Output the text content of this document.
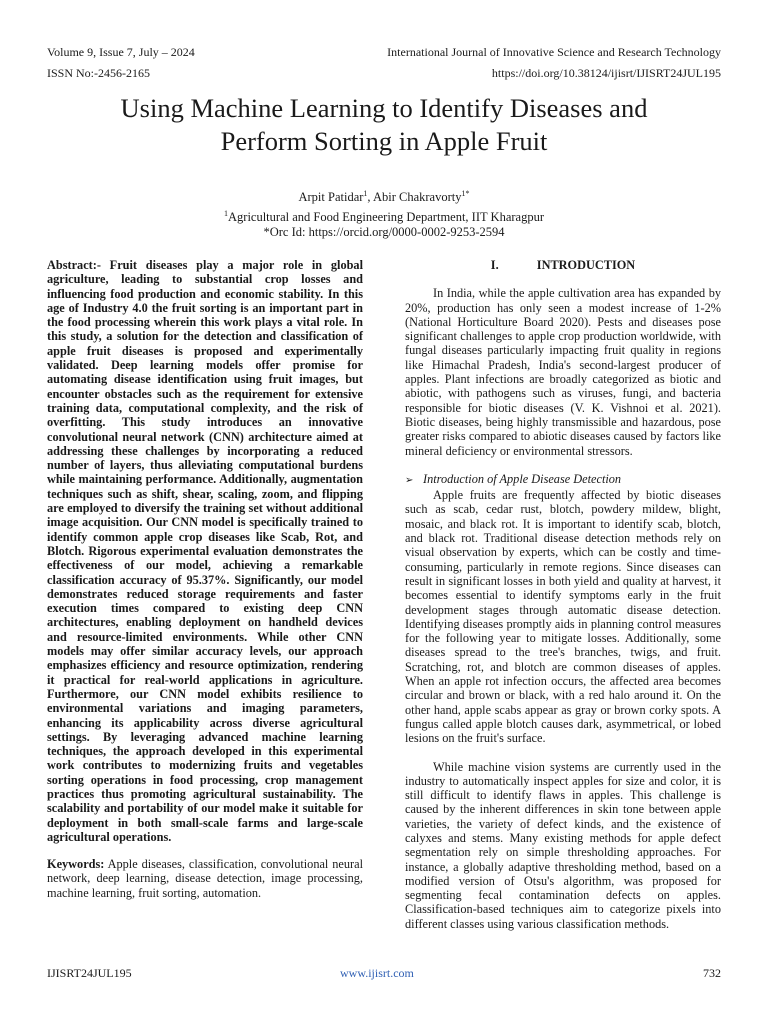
Volume 9, Issue 7, July – 2024	International Journal of Innovative Science and Research Technology
ISSN No:-2456-2165	https://doi.org/10.38124/ijisrt/IJISRT24JUL195
Using Machine Learning to Identify Diseases and
Perform Sorting in Apple Fruit
Arpit Patidar$^1$, Abir Chakravorty$^{1*}$
$^1$Agricultural and Food Engineering Department, IIT Kharagpur
*Orc Id: https://orcid.org/0000-0002-9253-2594

Abstract:- Fruit diseases play a major role in global agriculture, leading to substantial crop losses and influencing food production and economic stability. In this age of Industry 4.0 the fruit sorting is an important part in the food processing wherein this work plays a vital role. In this study, a solution for the detection and classification of apple fruit diseases is proposed and experimentally validated. Deep learning models offer promise for automating disease identification using fruit images, but encounter obstacles such as the requirement for extensive training data, computational complexity, and the risk of overfitting. This study introduces an innovative convolutional neural network (CNN) architecture aimed at addressing these challenges by incorporating a reduced number of layers, thus alleviating computational burdens while maintaining performance. Additionally, augmentation techniques such as shift, shear, scaling, zoom, and flipping are employed to diversify the training set without additional image acquisition. Our CNN model is specifically trained to identify common apple crop diseases like Scab, Rot, and Blotch. Rigorous experimental evaluation demonstrates the effectiveness of our model, achieving a remarkable classification accuracy of 95.37%. Significantly, our model demonstrates reduced storage requirements and faster execution times compared to existing deep CNN architectures, enabling deployment on handheld devices and resource-limited environments. While other CNN models may offer similar accuracy levels, our approach emphasizes efficiency and resource optimization, rendering it practical for real-world applications in agriculture. Furthermore, our CNN model exhibits resilience to environmental variations and imaging parameters, enhancing its applicability across diverse agricultural settings. By leveraging advanced machine learning techniques, the approach developed in this experimental work contributes to modernizing fruits and vegetables sorting operations in food processing, crop management practices thus promoting agricultural sustainability. The scalability and portability of our model make it suitable for deployment in both small-scale farms and large-scale agricultural operations.

Keywords: Apple diseases, classification, convolutional neural network, deep learning, disease detection, image processing, machine learning, fruit sorting, automation.

I.	INTRODUCTION

In India, while the apple cultivation area has expanded by 20%, production has only seen a modest increase of 1-2% (National Horticulture Board 2020). Pests and diseases pose significant challenges to apple crop production worldwide, with fungal diseases particularly impacting fruit quality in regions like Himachal Pradesh, India's second-largest producer of apples. Plant infections are broadly categorized as biotic and abiotic, with pathogens such as viruses, fungi, and bacteria responsible for biotic diseases (V. K. Vishnoi et al. 2021). Biotic diseases, being highly transmissible and hazardous, pose greater risks compared to abiotic diseases caused by factors like mineral deficiency or environmental stressors.

➢ Introduction of Apple Disease Detection

Apple fruits are frequently affected by biotic diseases such as scab, cedar rust, blotch, powdery mildew, blight, mosaic, and black rot. It is important to identify scab, blotch, and black rot. Traditional disease detection methods rely on visual observation by experts, which can be costly and time-consuming, particularly in remote regions. Since diseases can result in significant losses in both yield and quality at harvest, it becomes essential to identify symptoms early in the fruit development stages through automatic disease detection. Identifying diseases promptly aids in planning control measures for the following year to mitigate losses. Additionally, some diseases spread to the tree's branches, twigs, and fruit. Scratching, rot, and blotch are common diseases of apples. When an apple rot infection occurs, the affected area becomes circular and brown or black, with a red halo around it. On the other hand, apple scabs appear as gray or brown corky spots. A fungus called apple blotch causes dark, asymmetrical, or lobed lesions on the fruit's surface.

While machine vision systems are currently used in the industry to automatically inspect apples for size and color, it is still difficult to identify flaws in apples. This challenge is caused by the inherent differences in skin tone between apple varieties, the variety of defect kinds, and the existence of calyxes and stems. Many existing methods for apple defect segmentation rely on simple thresholding approaches. For instance, a globally adaptive thresholding method, based on a modified version of Otsu's algorithm, was proposed for segmenting fecal contamination defects on apples. Classification-based techniques aim to categorize pixels into different classes using various classification methods.

IJISRT24JUL195	www.ijisrt.com	732
